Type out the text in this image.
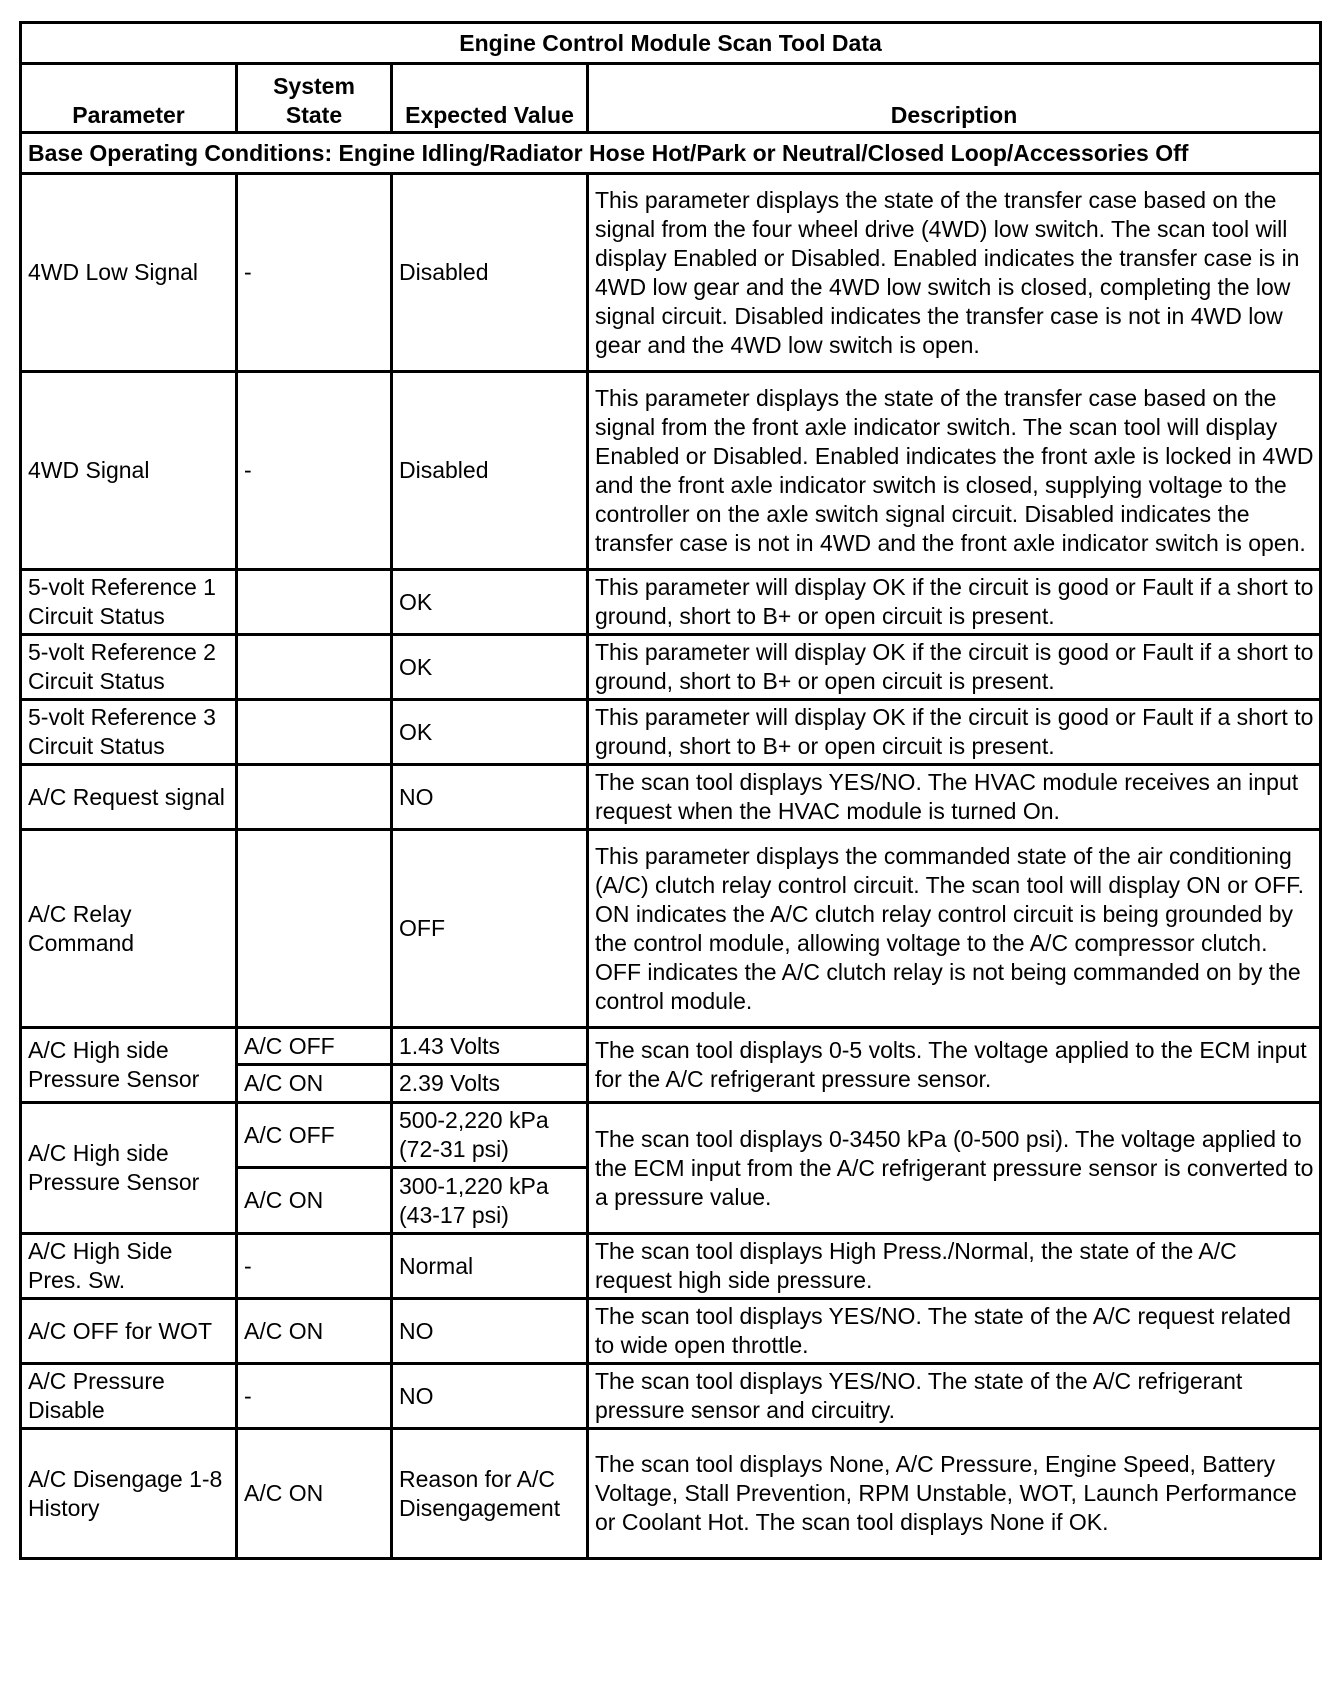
Engine Control Module Scan Tool Data			
Parameter	System State	Expected Value	Description
Base Operating Conditions: Engine Idling/Radiator Hose Hot/Park or Neutral/Closed Loop/Accessories Off			
4WD Low Signal	-	Disabled	This parameter displays the state of the transfer case based on the signal from the four wheel drive (4WD) low switch. The scan tool will display Enabled or Disabled. Enabled indicates the transfer case is in 4WD low gear and the 4WD low switch is closed, completing the low signal circuit. Disabled indicates the transfer case is not in 4WD low gear and the 4WD low switch is open.
4WD Signal	-	Disabled	This parameter displays the state of the transfer case based on the signal from the front axle indicator switch. The scan tool will display Enabled or Disabled. Enabled indicates the front axle is locked in 4WD and the front axle indicator switch is closed, supplying voltage to the controller on the axle switch signal circuit. Disabled indicates the transfer case is not in 4WD and the front axle indicator switch is open.
5-volt Reference 1 Circuit Status		OK	This parameter will display OK if the circuit is good or Fault if a short to ground, short to B+ or open circuit is present.
5-volt Reference 2 Circuit Status		OK	This parameter will display OK if the circuit is good or Fault if a short to ground, short to B+ or open circuit is present.
5-volt Reference 3 Circuit Status		OK	This parameter will display OK if the circuit is good or Fault if a short to ground, short to B+ or open circuit is present.
A/C Request signal		NO	The scan tool displays YES/NO. The HVAC module receives an input request when the HVAC module is turned On.
A/C Relay Command		OFF	This parameter displays the commanded state of the air conditioning (A/C) clutch relay control circuit. The scan tool will display ON or OFF. ON indicates the A/C clutch relay control circuit is being grounded by the control module, allowing voltage to the A/C compressor clutch. OFF indicates the A/C clutch relay is not being commanded on by the control module.
A/C High side Pressure Sensor	A/C OFF	1.43 Volts	The scan tool displays 0-5 volts. The voltage applied to the ECM input for the A/C refrigerant pressure sensor.
	A/C ON	2.39 Volts	
A/C High side Pressure Sensor	A/C OFF	500-2,220 kPa (72-31 psi)	The scan tool displays 0-3450 kPa (0-500 psi). The voltage applied to the ECM input from the A/C refrigerant pressure sensor is converted to a pressure value.
	A/C ON	300-1,220 kPa (43-17 psi)	
A/C High Side Pres. Sw.	-	Normal	The scan tool displays High Press./Normal, the state of the A/C request high side pressure.
A/C OFF for WOT	A/C ON	NO	The scan tool displays YES/NO. The state of the A/C request related to wide open throttle.
A/C Pressure Disable	-	NO	The scan tool displays YES/NO. The state of the A/C refrigerant pressure sensor and circuitry.
A/C Disengage 1-8 History	A/C ON	Reason for A/C Disengagement	The scan tool displays None, A/C Pressure, Engine Speed, Battery Voltage, Stall Prevention, RPM Unstable, WOT, Launch Performance or Coolant Hot. The scan tool displays None if OK.
